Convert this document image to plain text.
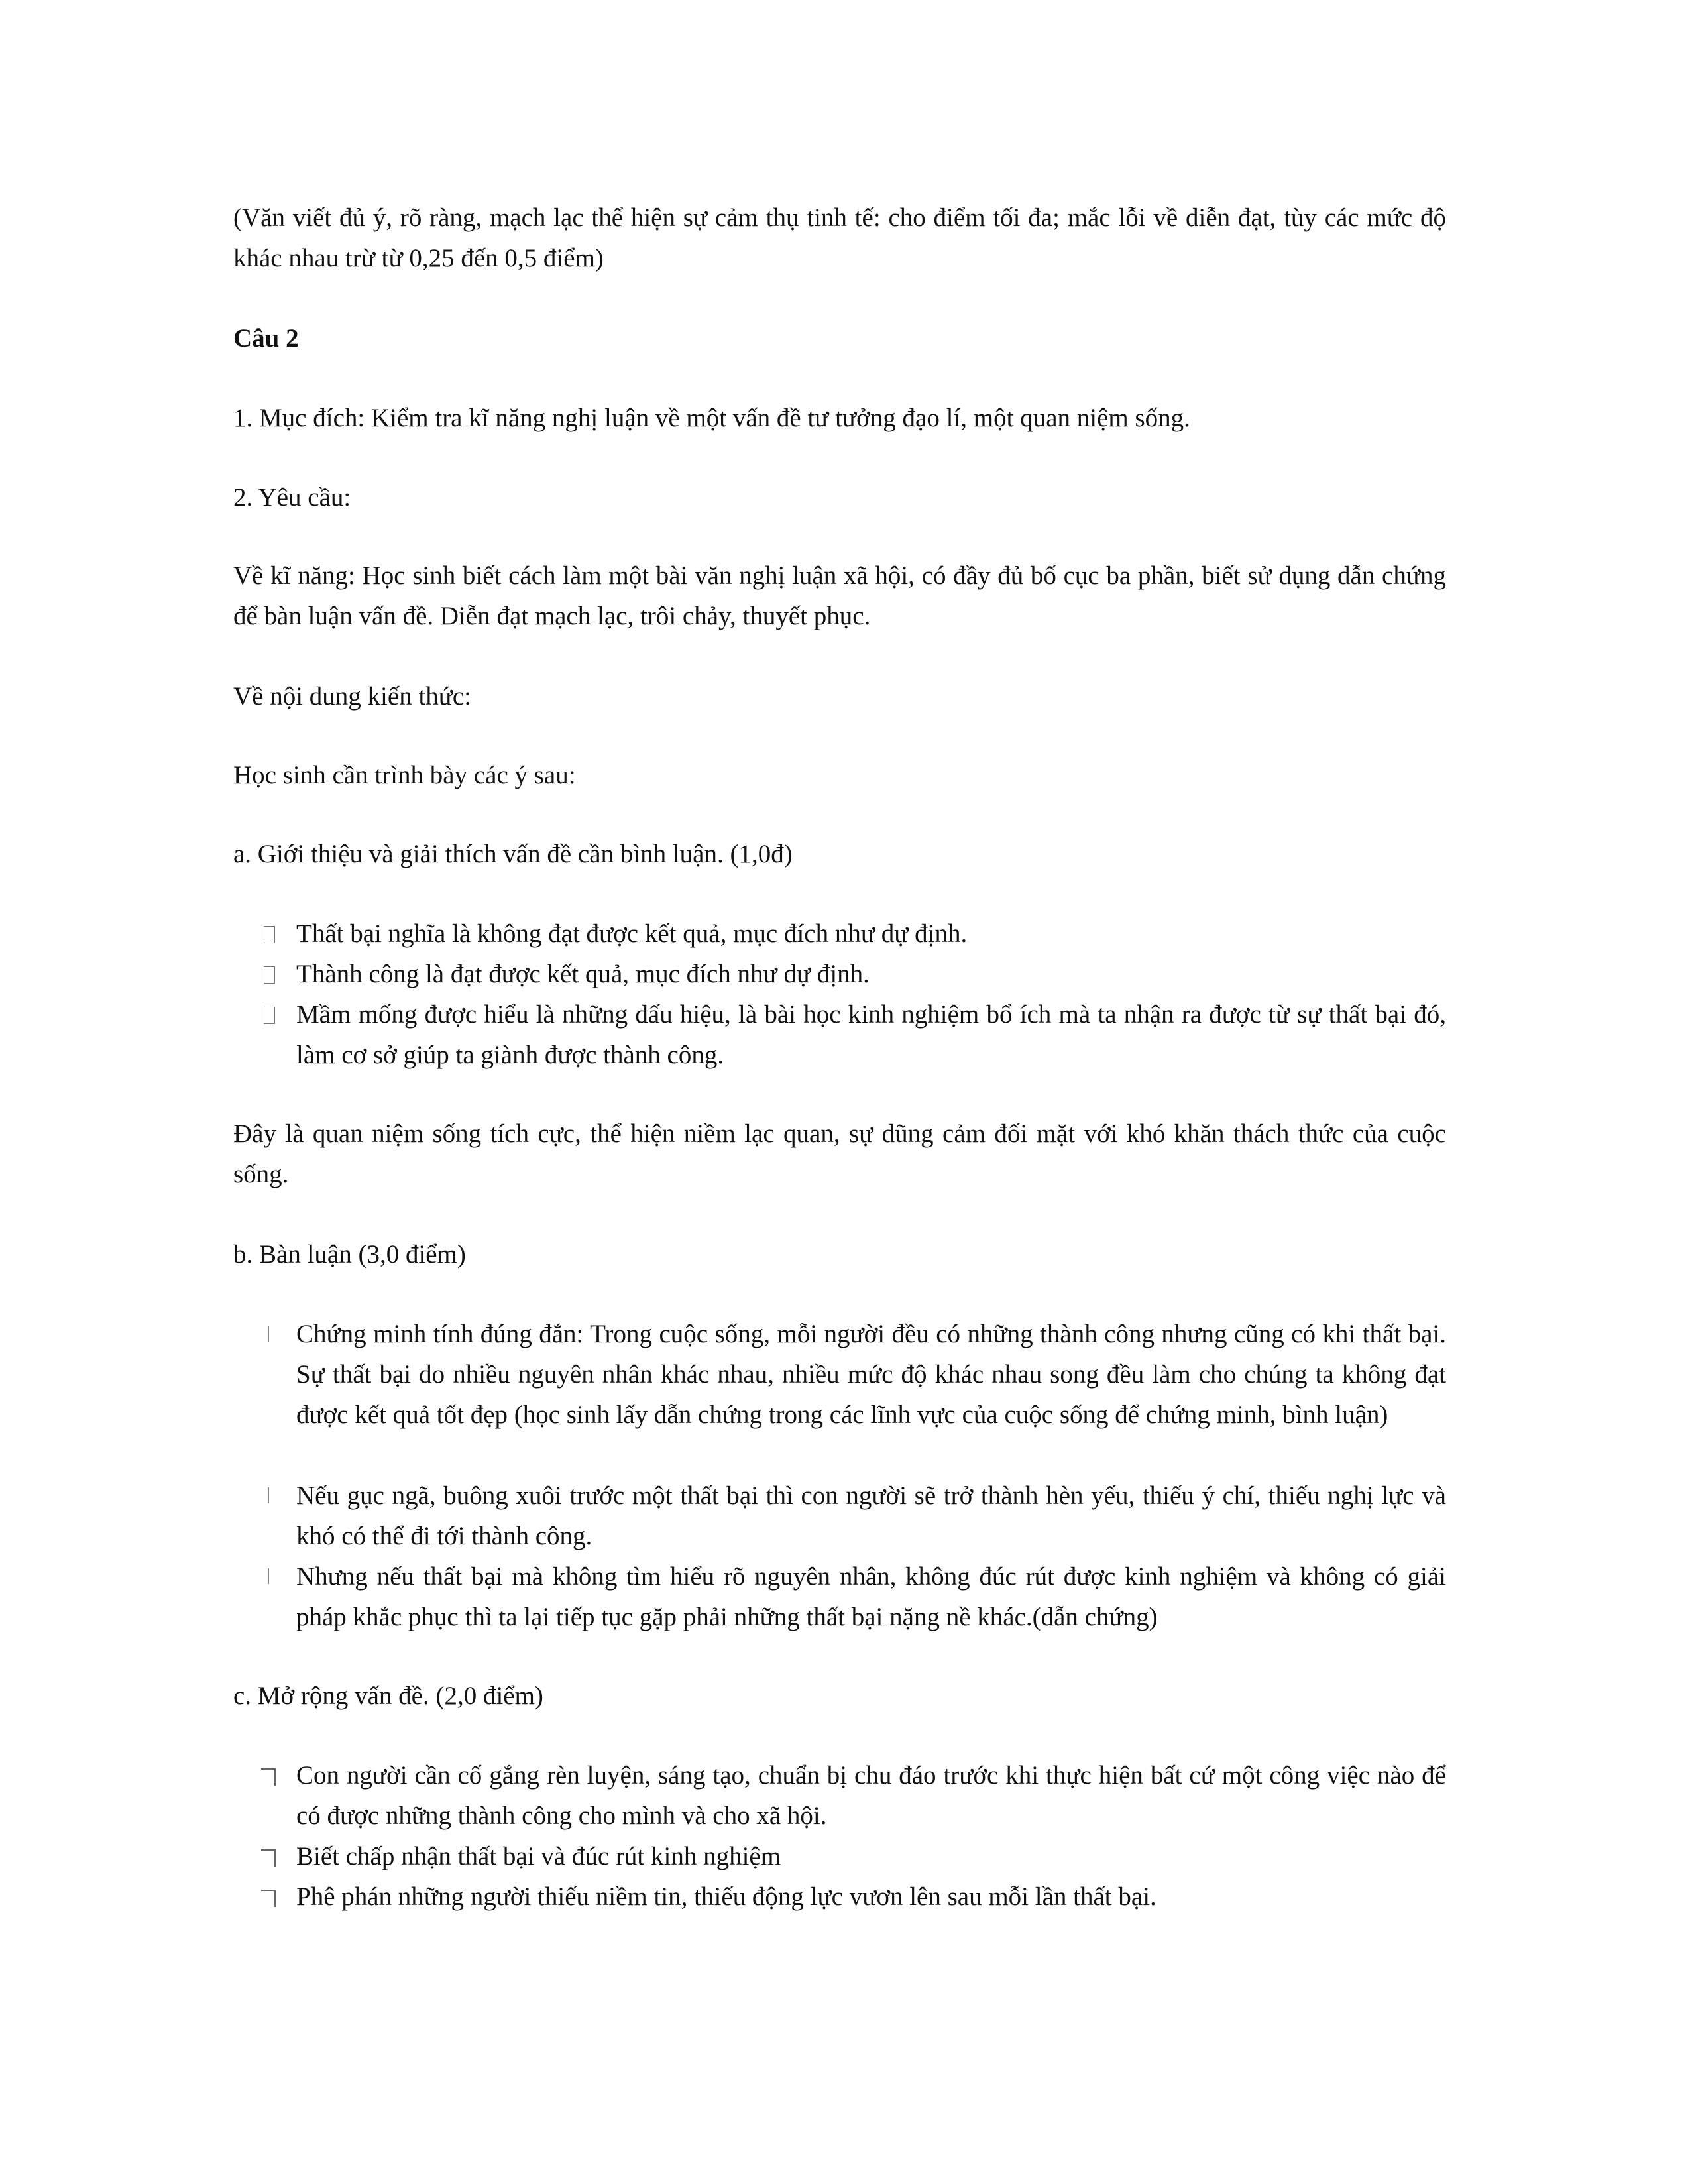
(Văn viết đủ ý, rõ ràng, mạch lạc thể hiện sự cảm thụ tinh tế: cho điểm tối đa; mắc lỗi về diễn đạt, tùy các mức độ khác nhau trừ từ 0,25 đến 0,5 điểm)

Câu 2

1. Mục đích: Kiểm tra kĩ năng nghị luận về một vấn đề tư tưởng đạo lí, một quan niệm sống.

2. Yêu cầu:

Về kĩ năng: Học sinh biết cách làm một bài văn nghị luận xã hội, có đầy đủ bố cục ba phần, biết sử dụng dẫn chứng để bàn luận vấn đề. Diễn đạt mạch lạc, trôi chảy, thuyết phục.

Về nội dung kiến thức:

Học sinh cần trình bày các ý sau:

a. Giới thiệu và giải thích vấn đề cần bình luận. (1,0đ)

Thất bại nghĩa là không đạt được kết quả, mục đích như dự định.

Thành công là đạt được kết quả, mục đích như dự định.

Mầm mống được hiểu là những dấu hiệu, là bài học kinh nghiệm bổ ích mà ta nhận ra được từ sự thất bại đó, làm cơ sở giúp ta giành được thành công.

Đây là quan niệm sống tích cực, thể hiện niềm lạc quan, sự dũng cảm đối mặt với khó khăn thách thức của cuộc sống.

b. Bàn luận (3,0 điểm)

Chứng minh tính đúng đắn: Trong cuộc sống, mỗi người đều có những thành công nhưng cũng có khi thất bại. Sự thất bại do nhiều nguyên nhân khác nhau, nhiều mức độ khác nhau song đều làm cho chúng ta không đạt được kết quả tốt đẹp (học sinh lấy dẫn chứng trong các lĩnh vực của cuộc sống để chứng minh, bình luận)

Nếu gục ngã, buông xuôi trước một thất bại thì con người sẽ trở thành hèn yếu, thiếu ý chí, thiếu nghị lực và khó có thể đi tới thành công.

Nhưng nếu thất bại mà không tìm hiểu rõ nguyên nhân, không đúc rút được kinh nghiệm và không có giải pháp khắc phục thì ta lại tiếp tục gặp phải những thất bại nặng nề khác.(dẫn chứng)

c. Mở rộng vấn đề. (2,0 điểm)

Con người cần cố gắng rèn luyện, sáng tạo, chuẩn bị chu đáo trước khi thực hiện bất cứ một công việc nào để có được những thành công cho mình và cho xã hội.

Biết chấp nhận thất bại và đúc rút kinh nghiệm

Phê phán những người thiếu niềm tin, thiếu động lực vươn lên sau mỗi lần thất bại.
